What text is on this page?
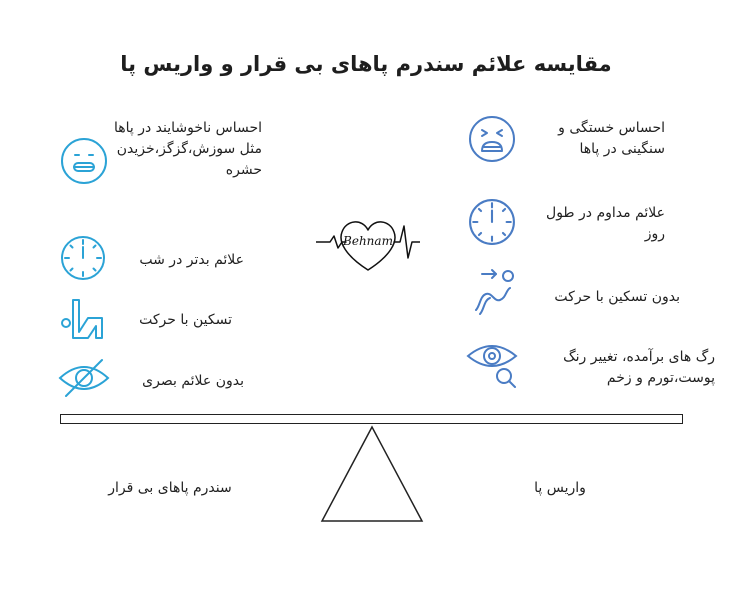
مقایسه علائم سندرم پاهای بی قرار و واریس پا
احساس ناخوشایند در پاها مثل سوزش،گزگز،خزیدن حشره
علائم بدتر در شب
تسکین با حرکت
بدون علائم بصری
Behnam
احساس خستگی و سنگینی در پاها
علائم مداوم در طول روز
بدون تسکین با حرکت
رگ های برآمده، تغییر رنگ پوست،تورم و زخم
سندرم پاهای بی قرار	واریس پا
